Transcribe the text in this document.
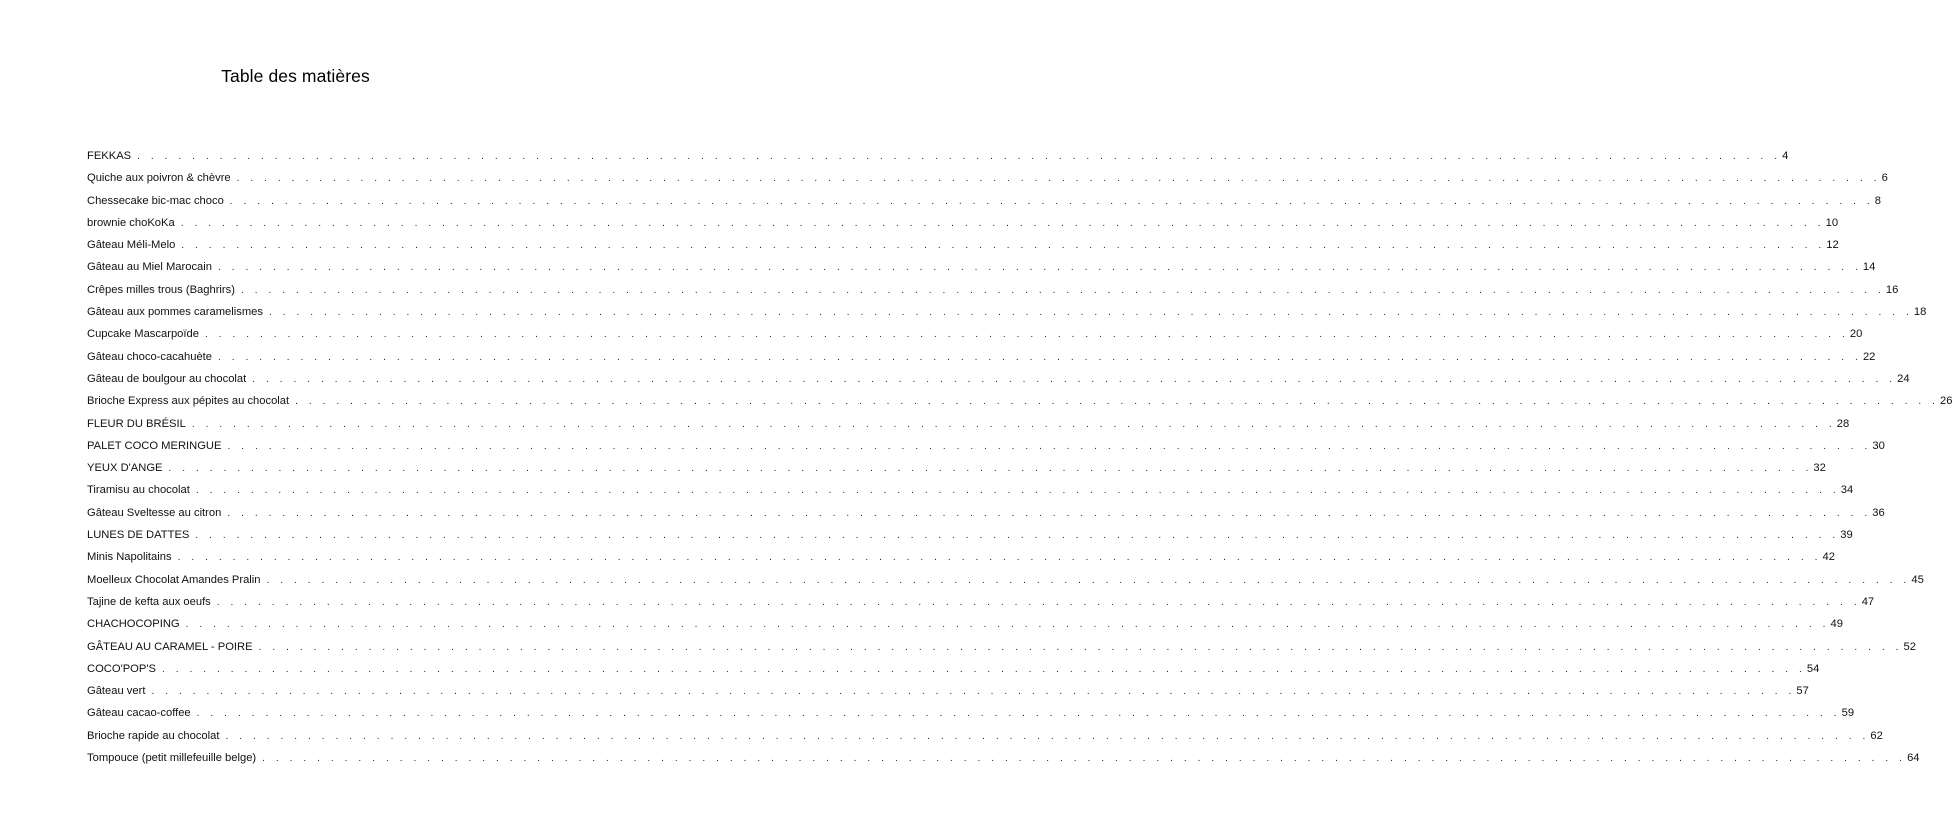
Table des matières
FEKKAS . . . . . . . . . . . . . . . . . . . . . . . . . . . . . . . . . . . . . . . . . . . . . . . . . . . . . . . . . . . . . . . . . . . . . . . . . . . . . . . . . . . . . . . . . . . . . . . . . . . . . . . . . . . . . . . . . . . . . . . . 4
Quiche aux poivron & chèvre . . . . . . . . . . . . . . . . . . . . . . . . . . . . . . . . . . . . . . . . . . . . . . . . . . . . . . . . . . . . . . . . . . . . . . . . . . . . . . . . . . . . . . . . . . . . . . . . . . . . . . . . . . . . . . . . . . . . . . . . 6
Chessecake bic-mac choco . . . . . . . . . . . . . . . . . . . . . . . . . . . . . . . . . . . . . . . . . . . . . . . . . . . . . . . . . . . . . . . . . . . . . . . . . . . . . . . . . . . . . . . . . . . . . . . . . . . . . . . . . . . . . . . . . . . . . . . . 8
brownie choKoKa . . . . . . . . . . . . . . . . . . . . . . . . . . . . . . . . . . . . . . . . . . . . . . . . . . . . . . . . . . . . . . . . . . . . . . . . . . . . . . . . . . . . . . . . . . . . . . . . . . . . . . . . . . . . . . . . . . . . . . . . 10
Gâteau Méli-Melo . . . . . . . . . . . . . . . . . . . . . . . . . . . . . . . . . . . . . . . . . . . . . . . . . . . . . . . . . . . . . . . . . . . . . . . . . . . . . . . . . . . . . . . . . . . . . . . . . . . . . . . . . . . . . . . . . . . . . . . . 12
Gâteau au Miel Marocain . . . . . . . . . . . . . . . . . . . . . . . . . . . . . . . . . . . . . . . . . . . . . . . . . . . . . . . . . . . . . . . . . . . . . . . . . . . . . . . . . . . . . . . . . . . . . . . . . . . . . . . . . . . . . . . . . . . . . . . . 14
Crêpes milles trous (Baghrirs) . . . . . . . . . . . . . . . . . . . . . . . . . . . . . . . . . . . . . . . . . . . . . . . . . . . . . . . . . . . . . . . . . . . . . . . . . . . . . . . . . . . . . . . . . . . . . . . . . . . . . . . . . . . . . . . . . . . . . . . . 16
Gâteau aux pommes caramelismes . . . . . . . . . . . . . . . . . . . . . . . . . . . . . . . . . . . . . . . . . . . . . . . . . . . . . . . . . . . . . . . . . . . . . . . . . . . . . . . . . . . . . . . . . . . . . . . . . . . . . . . . . . . . . . . . . . . . . . . . 18
Cupcake Mascarpoïde . . . . . . . . . . . . . . . . . . . . . . . . . . . . . . . . . . . . . . . . . . . . . . . . . . . . . . . . . . . . . . . . . . . . . . . . . . . . . . . . . . . . . . . . . . . . . . . . . . . . . . . . . . . . . . . . . . . . . . . . 20
Gâteau choco-cacahuète . . . . . . . . . . . . . . . . . . . . . . . . . . . . . . . . . . . . . . . . . . . . . . . . . . . . . . . . . . . . . . . . . . . . . . . . . . . . . . . . . . . . . . . . . . . . . . . . . . . . . . . . . . . . . . . . . . . . . . . . 22
Gâteau de boulgour au chocolat . . . . . . . . . . . . . . . . . . . . . . . . . . . . . . . . . . . . . . . . . . . . . . . . . . . . . . . . . . . . . . . . . . . . . . . . . . . . . . . . . . . . . . . . . . . . . . . . . . . . . . . . . . . . . . . . . . . . . . . . 24
Brioche Express aux pépites au chocolat . . . . . . . . . . . . . . . . . . . . . . . . . . . . . . . . . . . . . . . . . . . . . . . . . . . . . . . . . . . . . . . . . . . . . . . . . . . . . . . . . . . . . . . . . . . . . . . . . . . . . . . . . . . . . . . . . . . . . . . . 26
FLEUR DU BRÉSIL . . . . . . . . . . . . . . . . . . . . . . . . . . . . . . . . . . . . . . . . . . . . . . . . . . . . . . . . . . . . . . . . . . . . . . . . . . . . . . . . . . . . . . . . . . . . . . . . . . . . . . . . . . . . . . . . . . . . . . . . 28
PALET COCO MERINGUE . . . . . . . . . . . . . . . . . . . . . . . . . . . . . . . . . . . . . . . . . . . . . . . . . . . . . . . . . . . . . . . . . . . . . . . . . . . . . . . . . . . . . . . . . . . . . . . . . . . . . . . . . . . . . . . . . . . . . . . . 30
YEUX D'ANGE . . . . . . . . . . . . . . . . . . . . . . . . . . . . . . . . . . . . . . . . . . . . . . . . . . . . . . . . . . . . . . . . . . . . . . . . . . . . . . . . . . . . . . . . . . . . . . . . . . . . . . . . . . . . . . . . . . . . . . . . 32
Tiramisu au chocolat . . . . . . . . . . . . . . . . . . . . . . . . . . . . . . . . . . . . . . . . . . . . . . . . . . . . . . . . . . . . . . . . . . . . . . . . . . . . . . . . . . . . . . . . . . . . . . . . . . . . . . . . . . . . . . . . . . . . . . . . 34
Gâteau Sveltesse au citron . . . . . . . . . . . . . . . . . . . . . . . . . . . . . . . . . . . . . . . . . . . . . . . . . . . . . . . . . . . . . . . . . . . . . . . . . . . . . . . . . . . . . . . . . . . . . . . . . . . . . . . . . . . . . . . . . . . . . . . . 36
LUNES DE DATTES . . . . . . . . . . . . . . . . . . . . . . . . . . . . . . . . . . . . . . . . . . . . . . . . . . . . . . . . . . . . . . . . . . . . . . . . . . . . . . . . . . . . . . . . . . . . . . . . . . . . . . . . . . . . . . . . . . . . . . . . 39
Minis Napolitains . . . . . . . . . . . . . . . . . . . . . . . . . . . . . . . . . . . . . . . . . . . . . . . . . . . . . . . . . . . . . . . . . . . . . . . . . . . . . . . . . . . . . . . . . . . . . . . . . . . . . . . . . . . . . . . . . . . . . . . . 42
Moelleux Chocolat Amandes Pralin . . . . . . . . . . . . . . . . . . . . . . . . . . . . . . . . . . . . . . . . . . . . . . . . . . . . . . . . . . . . . . . . . . . . . . . . . . . . . . . . . . . . . . . . . . . . . . . . . . . . . . . . . . . . . . . . . . . . . . . . 45
Tajine de kefta aux oeufs . . . . . . . . . . . . . . . . . . . . . . . . . . . . . . . . . . . . . . . . . . . . . . . . . . . . . . . . . . . . . . . . . . . . . . . . . . . . . . . . . . . . . . . . . . . . . . . . . . . . . . . . . . . . . . . . . . . . . . . . 47
CHACHOCOPING . . . . . . . . . . . . . . . . . . . . . . . . . . . . . . . . . . . . . . . . . . . . . . . . . . . . . . . . . . . . . . . . . . . . . . . . . . . . . . . . . . . . . . . . . . . . . . . . . . . . . . . . . . . . . . . . . . . . . . . . 49
GÂTEAU AU CARAMEL - POIRE . . . . . . . . . . . . . . . . . . . . . . . . . . . . . . . . . . . . . . . . . . . . . . . . . . . . . . . . . . . . . . . . . . . . . . . . . . . . . . . . . . . . . . . . . . . . . . . . . . . . . . . . . . . . . . . . . . . . . . . . 52
COCO'POP'S . . . . . . . . . . . . . . . . . . . . . . . . . . . . . . . . . . . . . . . . . . . . . . . . . . . . . . . . . . . . . . . . . . . . . . . . . . . . . . . . . . . . . . . . . . . . . . . . . . . . . . . . . . . . . . . . . . . . . . . . 54
Gâteau vert . . . . . . . . . . . . . . . . . . . . . . . . . . . . . . . . . . . . . . . . . . . . . . . . . . . . . . . . . . . . . . . . . . . . . . . . . . . . . . . . . . . . . . . . . . . . . . . . . . . . . . . . . . . . . . . . . . . . . . . . 57
Gâteau cacao-coffee . . . . . . . . . . . . . . . . . . . . . . . . . . . . . . . . . . . . . . . . . . . . . . . . . . . . . . . . . . . . . . . . . . . . . . . . . . . . . . . . . . . . . . . . . . . . . . . . . . . . . . . . . . . . . . . . . . . . . . . . 59
Brioche rapide au chocolat . . . . . . . . . . . . . . . . . . . . . . . . . . . . . . . . . . . . . . . . . . . . . . . . . . . . . . . . . . . . . . . . . . . . . . . . . . . . . . . . . . . . . . . . . . . . . . . . . . . . . . . . . . . . . . . . . . . . . . . . 62
Tompouce (petit millefeuille belge) . . . . . . . . . . . . . . . . . . . . . . . . . . . . . . . . . . . . . . . . . . . . . . . . . . . . . . . . . . . . . . . . . . . . . . . . . . . . . . . . . . . . . . . . . . . . . . . . . . . . . . . . . . . . . . . . . . . . . . . . 64
